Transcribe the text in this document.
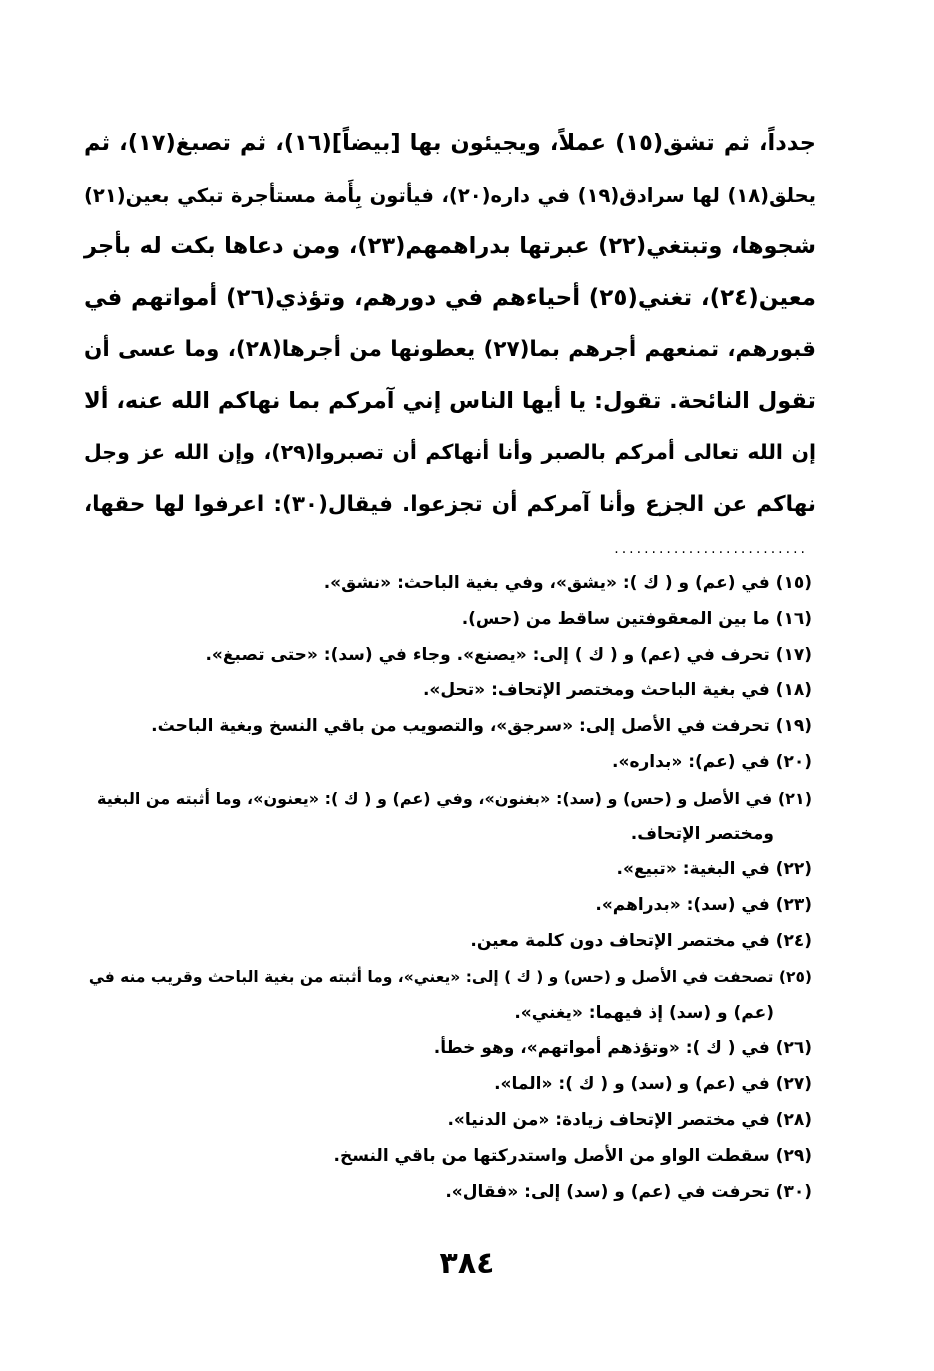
جدداً، ثم تشق(١٥) عملاً، ويجيئون بها [بيضاً](١٦)، ثم تصبغ(١٧)، ثم
يحلق(١٨) لها سرادق(١٩) في داره(٢٠)، فيأتون بِأَمة مستأجرة تبكي بعين(٢١)
شجوها، وتبتغي(٢٢) عبرتها بدراهمهم(٢٣)، ومن دعاها بكت له بأجر
معين(٢٤)، تغني(٢٥) أحياءهم في دورهم، وتؤذي(٢٦) أمواتهم في
قبورهم، تمنعهم أجرهم بما(٢٧) يعطونها من أجرها(٢٨)، وما عسى أن
تقول النائحة. تقول: يا أيها الناس إني آمركم بما نهاكم الله عنه، ألا
إن الله تعالى أمركم بالصبر وأنا أنهاكم أن تصبروا(٢٩)، وإن الله عز وجل
نهاكم عن الجزع وأنا آمركم أن تجزعوا. فيقال(٣٠): اعرفوا لها حقها،
..........................
(١٥) في (عم) و ( ك ): «يشق»، وفي بغية الباحث: «نشق».
(١٦) ما بين المعقوفتين ساقط من (حس).
(١٧) تحرف في (عم) و ( ك ) إلى: «يصنع». وجاء في (سد): «حتى تصبغ».
(١٨) في بغية الباحث ومختصر الإتحاف: «تحل».
(١٩) تحرفت في الأصل إلى: «سرجق»، والتصويب من باقي النسخ وبغية الباحث.
(٢٠) في (عم): «بداره».
(٢١) في الأصل و (حس) و (سد): «بغنون»، وفي (عم) و ( ك ): «يعنون»، وما أثبته من البغية
ومختصر الإتحاف.
(٢٢) في البغية: «تبيع».
(٢٣) في (سد): «بدراهم».
(٢٤) في مختصر الإتحاف دون كلمة معين.
(٢٥) تصحفت في الأصل و (حس) و ( ك ) إلى: «يعني»، وما أثبته من بغية الباحث وقريب منه في
(عم) و (سد) إذ فيهما: «يغني».
(٢٦) في ( ك ): «وتؤذهم أمواتهم»، وهو خطأ.
(٢٧) في (عم) و (سد) و ( ك ): «الما».
(٢٨) في مختصر الإتحاف زيادة: «من الدنيا».
(٢٩) سقطت الواو من الأصل واستدركتها من باقي النسخ.
(٣٠) تحرفت في (عم) و (سد) إلى: «فقال».
٣٨٤
